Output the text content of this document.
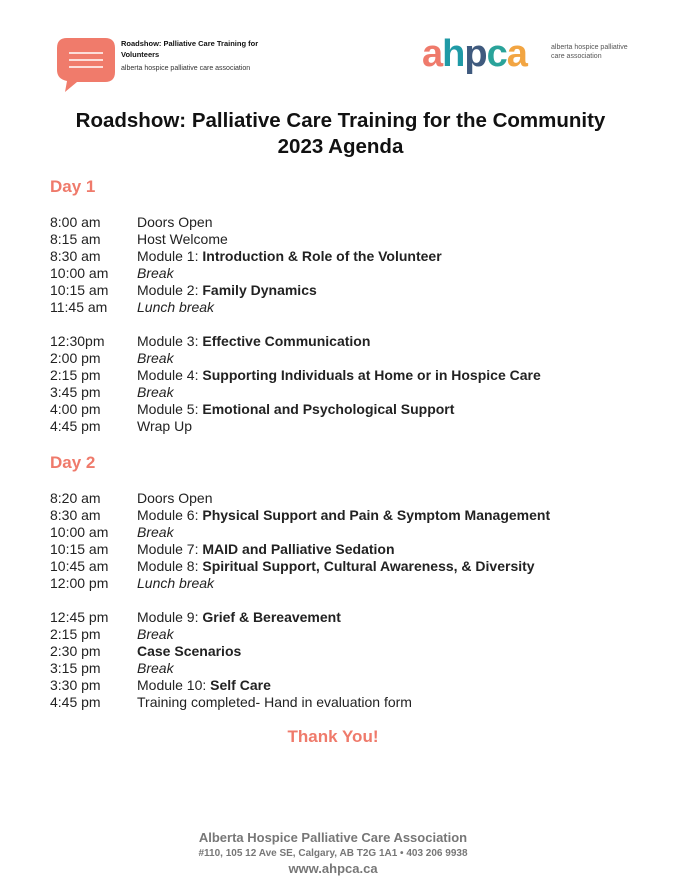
Roadshow: Palliative Care Training for Volunteers
alberta hospice palliative care association	ahpca	alberta hospice palliative care association
Roadshow: Palliative Care Training for the Community
2023 Agenda
Day 1
8:00 am	Doors Open
8:15 am	Host Welcome
8:30 am	Module 1: Introduction & Role of the Volunteer
10:00 am Break
10:15 am Module 2: Family Dynamics
11:45 am Lunch break
12:30pm Module 3: Effective Communication
2:00 pm	Break
2:15 pm	Module 4: Supporting Individuals at Home or in Hospice Care
3:45 pm	Break
4:00 pm	Module 5: Emotional and Psychological Support
4:45 pm	Wrap Up
Day 2
8:20 am	Doors Open
8:30 am	Module 6: Physical Support and Pain & Symptom Management
10:00 am Break
10:15 am Module 7: MAID and Palliative Sedation
10:45 am Module 8: Spiritual Support, Cultural Awareness, & Diversity
12:00 pm Lunch break
12:45 pm Module 9: Grief & Bereavement
2:15 pm	Break
2:30 pm	Case Scenarios
3:15 pm	Break
3:30 pm	Module 10: Self Care
4:45 pm	Training completed- Hand in evaluation form
Thank You!
Alberta Hospice Palliative Care Association
#110, 105 12 Ave SE, Calgary, AB T2G 1A1 • 403 206 9938
www.ahpca.ca
